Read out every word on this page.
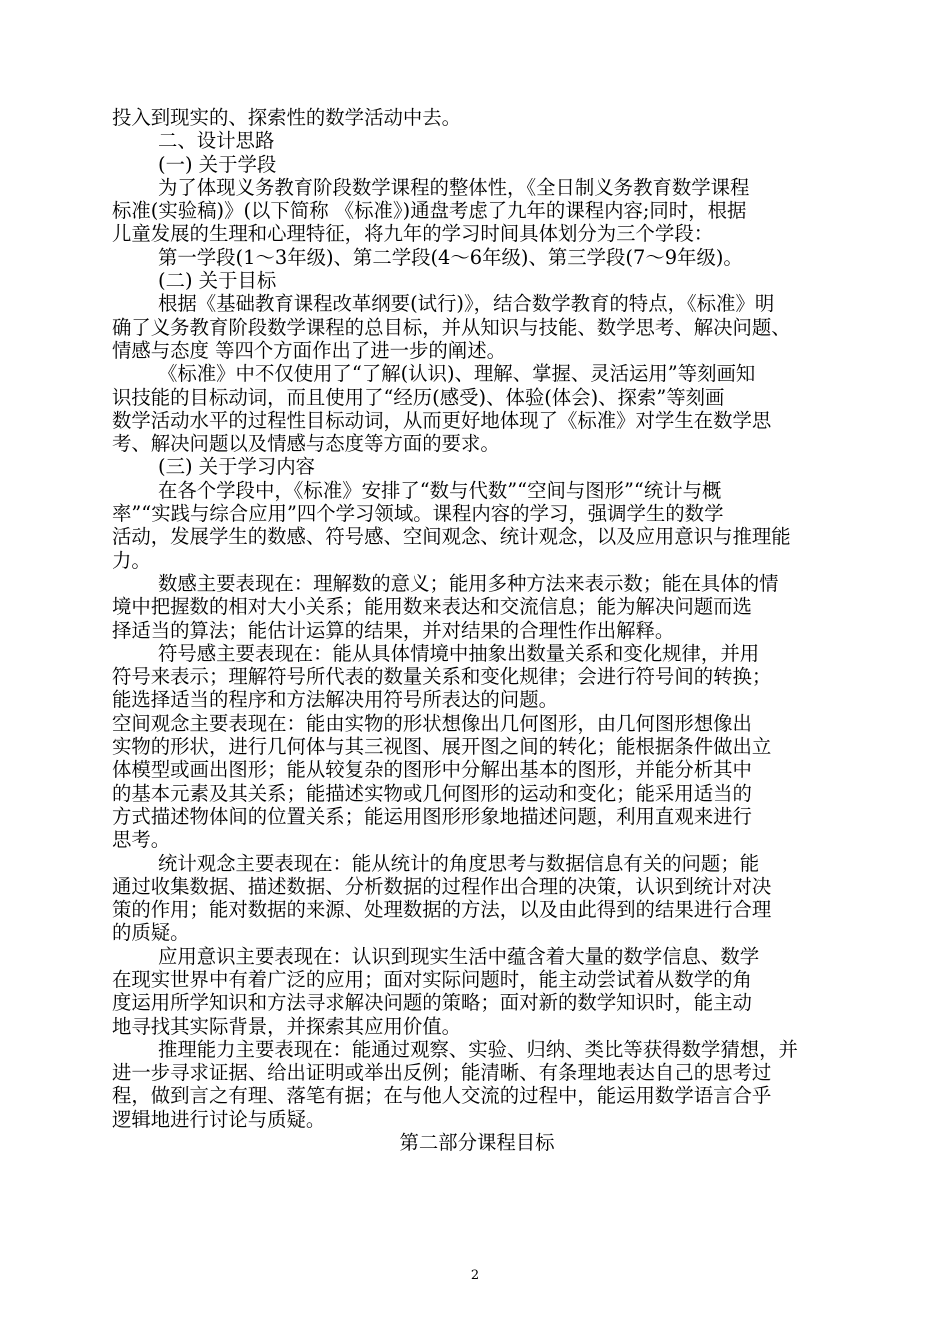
投入到现实的、探索性的数学活动中去。
二、设计思路
(一) 关于学段
为了体现义务教育阶段数学课程的整体性，《全日制义务教育数学课程
标准(实验稿)》(以下简称 《标准》)通盘考虑了九年的课程内容;同时，根据
儿童发展的生理和心理特征，将九年的学习时间具体划分为三个学段：
第一学段(1～3年级)、第二学段(4～6年级)、第三学段(7～9年级)。
(二) 关于目标
根据《基础教育课程改革纲要(试行)》，结合数学教育的特点，《标准》明
确了义务教育阶段数学课程的总目标，并从知识与技能、数学思考、解决问题、
情感与态度 等四个方面作出了进一步的阐述。
《标准》中不仅使用了“了解(认识)、理解、掌握、灵活运用”等刻画知
识技能的目标动词，而且使用了“经历(感受)、体验(体会)、探索”等刻画
数学活动水平的过程性目标动词，从而更好地体现了《标准》对学生在数学思
考、解决问题以及情感与态度等方面的要求。
(三) 关于学习内容
在各个学段中，《标准》安排了“数与代数”“空间与图形”“统计与概
率”“实践与综合应用”四个学习领域。课程内容的学习，强调学生的数学
活动，发展学生的数感、符号感、空间观念、统计观念，以及应用意识与推理能
力。
数感主要表现在：理解数的意义；能用多种方法来表示数；能在具体的情
境中把握数的相对大小关系；能用数来表达和交流信息；能为解决问题而选
择适当的算法；能估计运算的结果，并对结果的合理性作出解释。
符号感主要表现在：能从具体情境中抽象出数量关系和变化规律，并用
符号来表示；理解符号所代表的数量关系和变化规律；会进行符号间的转换；
能选择适当的程序和方法解决用符号所表达的问题。
空间观念主要表现在：能由实物的形状想像出几何图形，由几何图形想像出
实物的形状，进行几何体与其三视图、展开图之间的转化；能根据条件做出立
体模型或画出图形；能从较复杂的图形中分解出基本的图形，并能分析其中
的基本元素及其关系；能描述实物或几何图形的运动和变化；能采用适当的
方式描述物体间的位置关系；能运用图形形象地描述问题，利用直观来进行
思考。
统计观念主要表现在：能从统计的角度思考与数据信息有关的问题；能
通过收集数据、描述数据、分析数据的过程作出合理的决策，认识到统计对决
策的作用；能对数据的来源、处理数据的方法，以及由此得到的结果进行合理
的质疑。
应用意识主要表现在：认识到现实生活中蕴含着大量的数学信息、数学
在现实世界中有着广泛的应用；面对实际问题时，能主动尝试着从数学的角
度运用所学知识和方法寻求解决问题的策略；面对新的数学知识时，能主动
地寻找其实际背景，并探索其应用价值。
推理能力主要表现在：能通过观察、实验、归纳、类比等获得数学猜想，并
进一步寻求证据、给出证明或举出反例；能清晰、有条理地表达自己的思考过
程，做到言之有理、落笔有据；在与他人交流的过程中，能运用数学语言合乎
逻辑地进行讨论与质疑。
第二部分课程目标
2
